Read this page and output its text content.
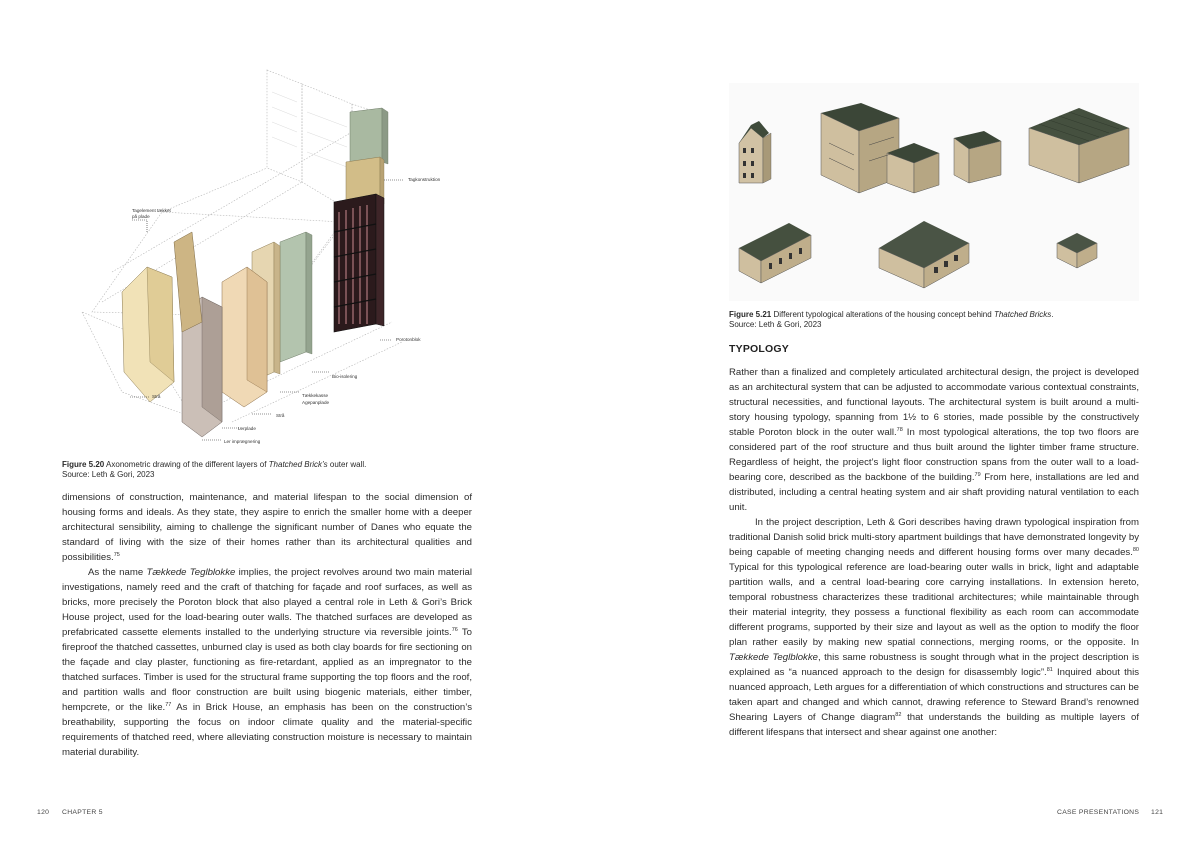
Tagkonstruktion
Tagelement tækket
på plade
Porotonblok
Bio-isolering
Strå	Tækkekasse
Agepanplade
Strå
Lerplade
Ler imprægnering
Figure 5.20 Axonometric drawing of the different layers of Thatched Brick’s outer wall.
Source: Leth & Gori, 2023

dimensions of construction, maintenance, and material lifespan to the social dimension of housing forms and ideals. As they state, they aspire to enrich the smaller home with a deeper architectural sensibility, aiming to challenge the significant number of Danes who equate the standard of living with the size of their homes rather than its architectural qualities and possibilities.$^{75}$

As the name Tækkede Teglblokke implies, the project revolves around two main material investigations, namely reed and the craft of thatching for façade and roof surfaces, as well as bricks, more precisely the Poroton block that also played a central role in Leth & Gori’s Brick House project, used for the load-bearing outer walls. The thatched surfaces are developed as prefabricated cassette elements installed to the underlying structure via reversible joints.$^{76}$ To fireproof the thatched cassettes, unburned clay is used as both clay boards for fire sectioning on the façade and clay plaster, functioning as fire-retardant, applied as an impregnator to the thatched surfaces. Timber is used for the structural frame supporting the top floors and the roof, and partition walls and floor construction are built using biogenic materials, either timber, hempcrete, or the like.$^{77}$ As in Brick House, an emphasis has been on the construction’s breathability, supporting the focus on indoor climate quality and the material-specific requirements of thatched reed, where alleviating construction moisture is necessary to maintain material durability.

120 CHAPTER 5
Figure 5.21 Different typological alterations of the housing concept behind Thatched Bricks.
Source: Leth & Gori, 2023
TYPOLOGY

Rather than a finalized and completely articulated architectural design, the project is developed as an architectural system that can be adjusted to accommodate various contextual constraints, structural necessities, and functional layouts. The architectural system is built around a multi-story housing typology, spanning from 1½ to 6 stories, made possible by the constructively stable Poroton block in the outer wall.$^{78}$ In most typological alterations, the top two floors are considered part of the roof structure and thus built around the lighter timber frame structure. Regardless of height, the project’s light floor construction spans from the outer wall to a load-bearing core, described as the backbone of the building.$^{79}$ From here, installations are led and distributed, including a central heating system and air shaft providing natural ventilation to each unit.

In the project description, Leth & Gori describes having drawn typological inspiration from traditional Danish solid brick multi-story apartment buildings that have demonstrated longevity by being capable of meeting changing needs and different housing forms over many decades.$^{80}$ Typical for this typological reference are load-bearing outer walls in brick, light and adaptable partition walls, and a central load-bearing core carrying installations. In extension hereto, temporal robustness characterizes these traditional architectures; while maintainable through their material integrity, they possess a functional flexibility as each room can accommodate different programs, supported by their size and layout as well as the option to modify the floor plan rather easily by making new spatial connections, merging rooms, or the opposite. In Tækkede Teglblokke, this same robustness is sought through what in the project description is explained as “a nuanced approach to the design for disassembly logic”.$^{81}$ Inquired about this nuanced approach, Leth argues for a differentiation of which constructions and structures can be taken apart and changed and which cannot, drawing reference to Steward Brand’s renowned Shearing Layers of Change diagram$^{82}$ that understands the building as multiple layers of different lifespans that intersect and shear against one another:

CASE PRESENTATIONS 121
